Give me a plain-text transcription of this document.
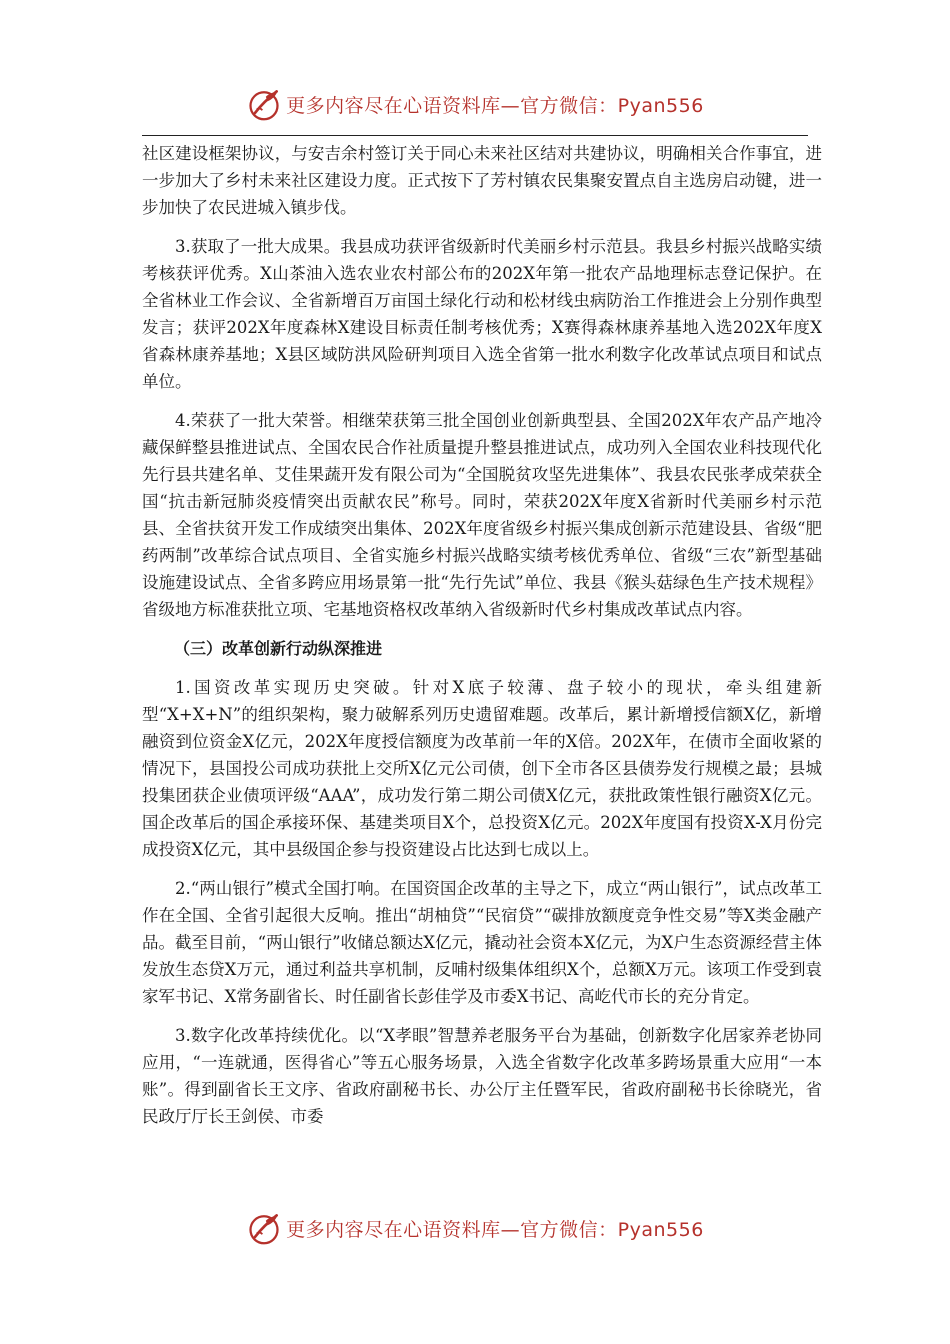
更多内容尽在心语资料库—官方微信：Pyan556

社区建设框架协议，与安吉余村签订关于同心未来社区结对共建协议，明确相关合作事宜，进一步加大了乡村未来社区建设力度。正式按下了芳村镇农民集聚安置点自主选房启动键，进一步加快了农民进城入镇步伐。

3.获取了一批大成果。我县成功获评省级新时代美丽乡村示范县。我县乡村振兴战略实绩考核获评优秀。X山茶油入选农业农村部公布的202X年第一批农产品地理标志登记保护。在全省林业工作会议、全省新增百万亩国土绿化行动和松材线虫病防治工作推进会上分别作典型发言；获评202X年度森林X建设目标责任制考核优秀；X赛得森林康养基地入选202X年度X省森林康养基地；X县区域防洪风险研判项目入选全省第一批水利数字化改革试点项目和试点单位。

4.荣获了一批大荣誉。相继荣获第三批全国创业创新典型县、全国202X年农产品产地冷藏保鲜整县推进试点、全国农民合作社质量提升整县推进试点，成功列入全国农业科技现代化先行县共建名单、艾佳果蔬开发有限公司为“全国脱贫攻坚先进集体”、我县农民张孝成荣获全国“抗击新冠肺炎疫情突出贡献农民”称号。同时，荣获202X年度X省新时代美丽乡村示范县、全省扶贫开发工作成绩突出集体、202X年度省级乡村振兴集成创新示范建设县、省级“肥药两制”改革综合试点项目、全省实施乡村振兴战略实绩考核优秀单位、省级“三农”新型基础设施建设试点、全省多跨应用场景第一批“先行先试”单位、我县《猴头菇绿色生产技术规程》省级地方标准获批立项、宅基地资格权改革纳入省级新时代乡村集成改革试点内容。

（三）改革创新行动纵深推进

1.国资改革实现历史突破。针对X底子较薄、盘子较小的现状，牵头组建新型“X+X+N”的组织架构，聚力破解系列历史遗留难题。改革后，累计新增授信额X亿，新增融资到位资金X亿元，202X年度授信额度为改革前一年的X倍。202X年，在债市全面收紧的情况下，县国投公司成功获批上交所X亿元公司债，创下全市各区县债券发行规模之最；县城投集团获企业债项评级“AAA”，成功发行第二期公司债X亿元，获批政策性银行融资X亿元。国企改革后的国企承接环保、基建类项目X个，总投资X亿元。202X年度国有投资X-X月份完成投资X亿元，其中县级国企参与投资建设占比达到七成以上。

2.“两山银行”模式全国打响。在国资国企改革的主导之下，成立“两山银行”，试点改革工作在全国、全省引起很大反响。推出“胡柚贷”“民宿贷”“碳排放额度竞争性交易”等X类金融产品。截至目前，“两山银行”收储总额达X亿元，撬动社会资本X亿元，为X户生态资源经营主体发放生态贷X万元，通过利益共享机制，反哺村级集体组织X个，总额X万元。该项工作受到袁家军书记、X常务副省长、时任副省长彭佳学及市委X书记、高屹代市长的充分肯定。

3.数字化改革持续优化。以“X孝眼”智慧养老服务平台为基础，创新数字化居家养老协同应用，“一连就通，医得省心”等五心服务场景，入选全省数字化改革多跨场景重大应用“一本账”。得到副省长王文序、省政府副秘书长、办公厅主任暨军民，省政府副秘书长徐晓光，省民政厅厅长王剑侯、市委

更多内容尽在心语资料库—官方微信：Pyan556
